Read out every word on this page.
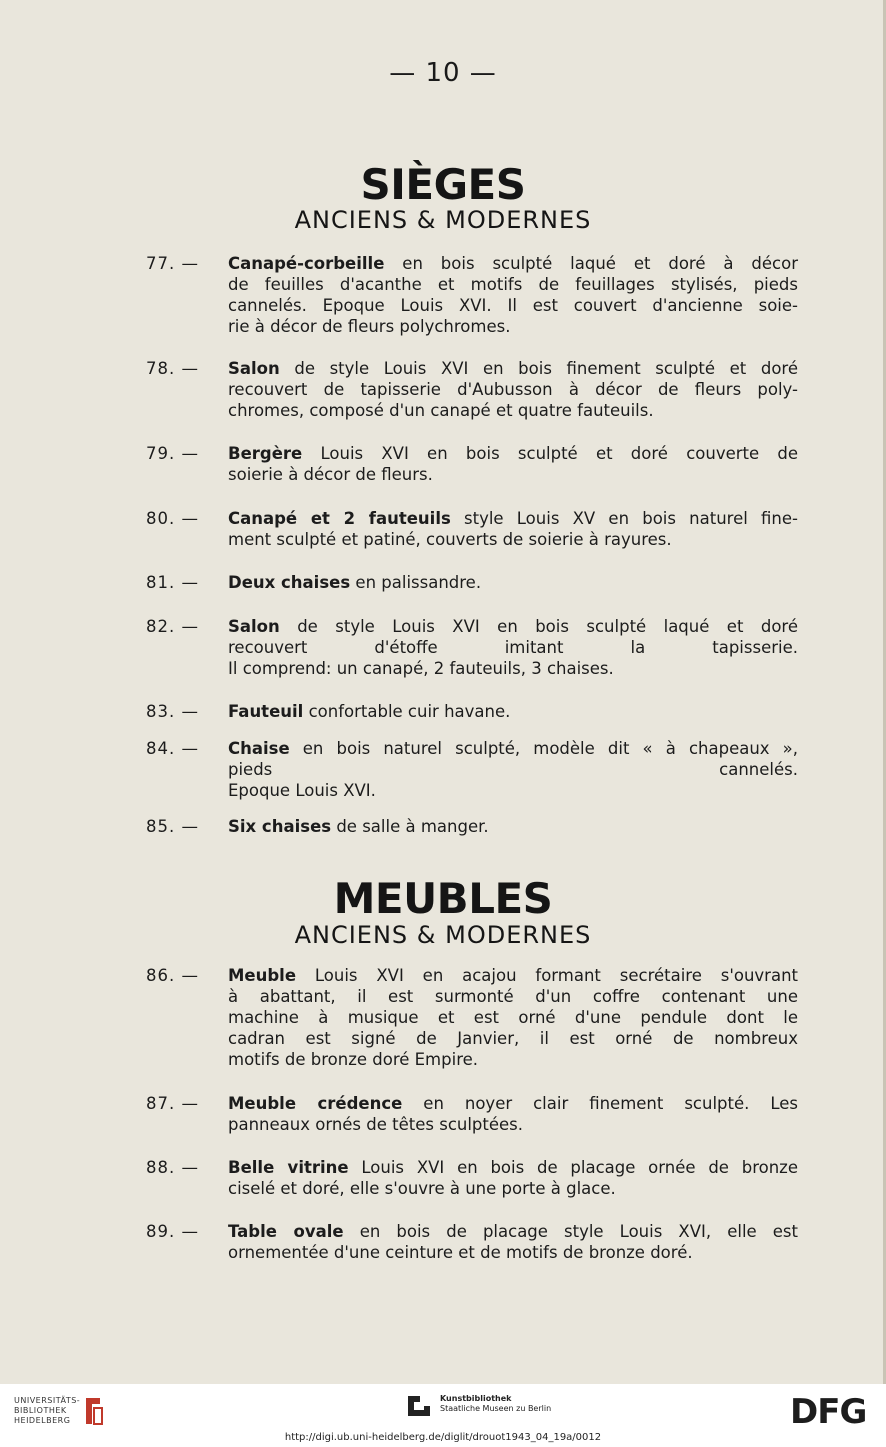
— 10 —
SIÈGES
ANCIENS & MODERNES
77. —	Canapé-corbeille en bois sculpté laqué et doré à décor
de feuilles d'acanthe et motifs de feuillages stylisés, pieds
cannelés. Epoque Louis XVI. Il est couvert d'ancienne soie-
rie à décor de fleurs polychromes.
78. —	Salon de style Louis XVI en bois finement sculpté et doré
recouvert de tapisserie d'Aubusson à décor de fleurs poly-
chromes, composé d'un canapé et quatre fauteuils.
79. —	Bergère Louis XVI en bois sculpté et doré couverte de
soierie à décor de fleurs.
80. —	Canapé et 2 fauteuils style Louis XV en bois naturel fine-
ment sculpté et patiné, couverts de soierie à rayures.
81. —	Deux chaises en palissandre.
82. —	Salon de style Louis XVI en bois sculpté laqué et doré
recouvert d'étoffe imitant la tapisserie.
Il comprend: un canapé, 2 fauteuils, 3 chaises.
83. —	Fauteuil confortable cuir havane.
84. —	Chaise en bois naturel sculpté, modèle dit « à chapeaux »,
pieds cannelés.
Epoque Louis XVI.
85. —	Six chaises de salle à manger.
86. —	Meuble Louis XVI en acajou formant secrétaire s'ouvrant
à abattant, il est surmonté d'un coffre contenant une
machine à musique et est orné d'une pendule dont le
cadran est signé de Janvier, il est orné de nombreux
motifs de bronze doré Empire.
87. —	Meuble crédence en noyer clair finement sculpté. Les
panneaux ornés de têtes sculptées.
88. —	Belle vitrine Louis XVI en bois de placage ornée de bronze
ciselé et doré, elle s'ouvre à une porte à glace.
89. —	Table ovale en bois de placage style Louis XVI, elle est
ornementée d'une ceinture et de motifs de bronze doré.
MEUBLES
ANCIENS & MODERNES
UNIVERSITÄTS-
BIBLIOTHEK
HEIDELBERG
Kunstbibliothek
Staatliche Museen zu Berlin	DFG
http://digi.ub.uni-heidelberg.de/diglit/drouot1943_04_19a/0012
